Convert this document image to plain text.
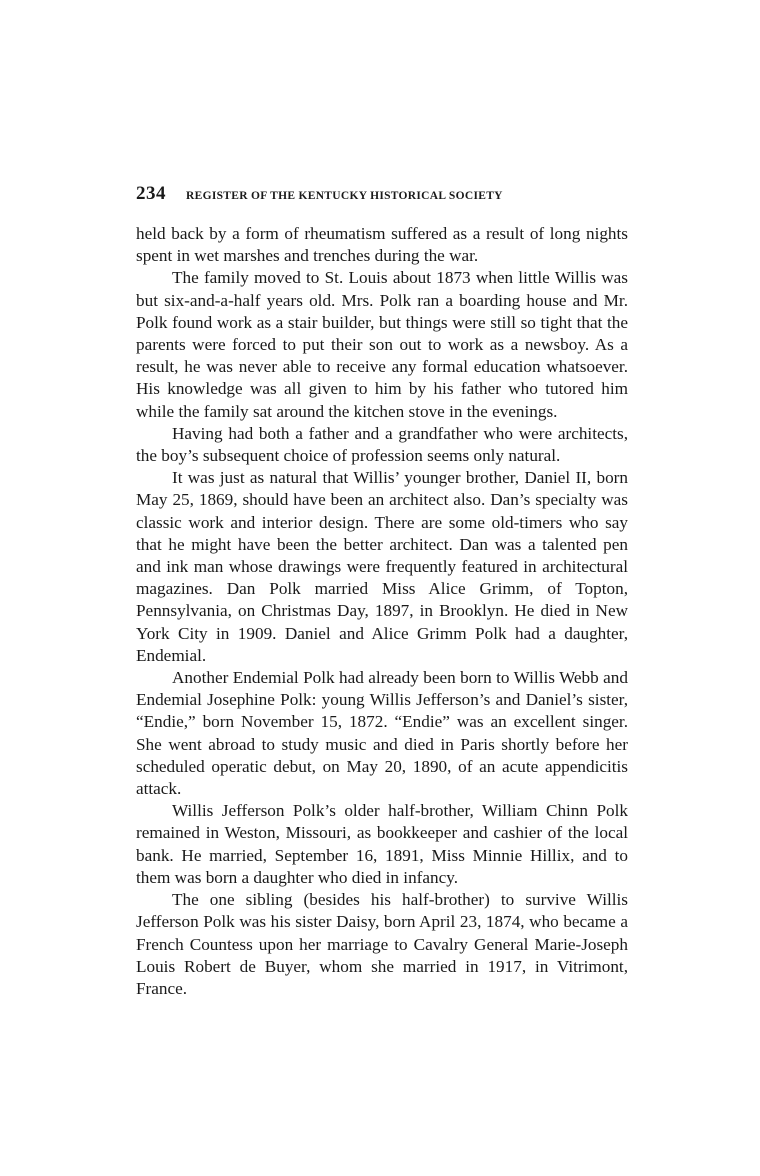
234 REGISTER OF THE KENTUCKY HISTORICAL SOCIETY

held back by a form of rheumatism suffered as a result of long nights spent in wet marshes and trenches during the war.

The family moved to St. Louis about 1873 when little Willis was but six-and-a-half years old. Mrs. Polk ran a boarding house and Mr. Polk found work as a stair builder, but things were still so tight that the parents were forced to put their son out to work as a newsboy. As a result, he was never able to receive any formal education whatsoever. His knowledge was all given to him by his father who tutored him while the family sat around the kitchen stove in the evenings.

Having had both a father and a grandfather who were architects, the boy’s subsequent choice of profession seems only natural.

It was just as natural that Willis’ younger brother, Daniel II, born May 25, 1869, should have been an architect also. Dan’s specialty was classic work and interior design. There are some old-timers who say that he might have been the better architect. Dan was a talented pen and ink man whose drawings were frequently featured in architectural magazines. Dan Polk married Miss Alice Grimm, of Topton, Pennsylvania, on Christmas Day, 1897, in Brooklyn. He died in New York City in 1909. Daniel and Alice Grimm Polk had a daughter, Endemial.

Another Endemial Polk had already been born to Willis Webb and Endemial Josephine Polk: young Willis Jefferson’s and Daniel’s sister, “Endie,” born November 15, 1872. “Endie” was an excellent singer. She went abroad to study music and died in Paris shortly before her scheduled operatic debut, on May 20, 1890, of an acute appendicitis attack.

Willis Jefferson Polk’s older half-brother, William Chinn Polk remained in Weston, Missouri, as bookkeeper and cashier of the local bank. He married, September 16, 1891, Miss Minnie Hillix, and to them was born a daughter who died in infancy.

The one sibling (besides his half-brother) to survive Willis Jefferson Polk was his sister Daisy, born April 23, 1874, who became a French Countess upon her marriage to Cavalry General Marie-Joseph Louis Robert de Buyer, whom she married in 1917, in Vitrimont, France.
